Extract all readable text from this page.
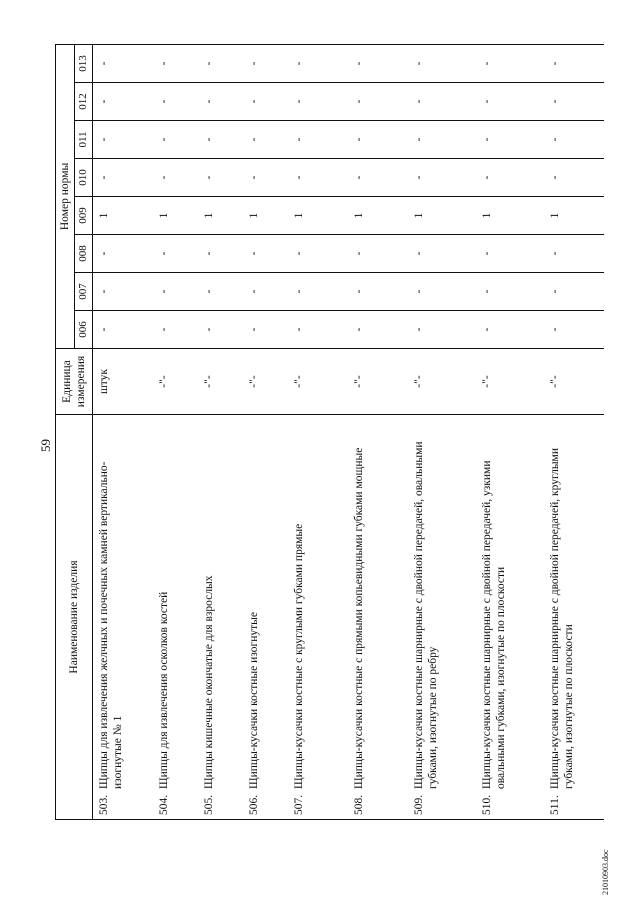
59
Наименование изделия	Единица измерения	Номер нормы							
		006	007	008	009	010	011	012	013
503.Щипцы для извлечения желчных и почечных камней вертикально-изогнутые № 1	штук	-	-	-	1	-	-	-	-
504.Щипцы для извлечения осколков костей	-"-	-	-	-	1	-	-	-	-
505.Щипцы кишечные окончатые для взрослых	-"-	-	-	-	1	-	-	-	-
506.Щипцы-кусачки костные изогнутые	-"-	-	-	-	1	-	-	-	-
507.Щипцы-кусачки костные с круглыми губками прямые	-"-	-	-	-	1	-	-	-	-
508.Щипцы-кусачки костные с прямыми копьевидными губками мощные	-"-	-	-	-	1	-	-	-	-
509.Щипцы-кусачки костные шарнирные с двойной передачей, овальными губками, изогнутые по ребру	-"-	-	-	-	1	-	-	-	-
510.Щипцы-кусачки костные шарнирные с двойной передачей, узкими овальными губками, изогнутые по плоскости	-"-	-	-	-	1	-	-	-	-
511.Щипцы-кусачки костные шарнирные с двойной передачей, круглыми губками, изогнутые по плоскости	-"-	-	-	-	1	-	-	-	-
21010903.doc
